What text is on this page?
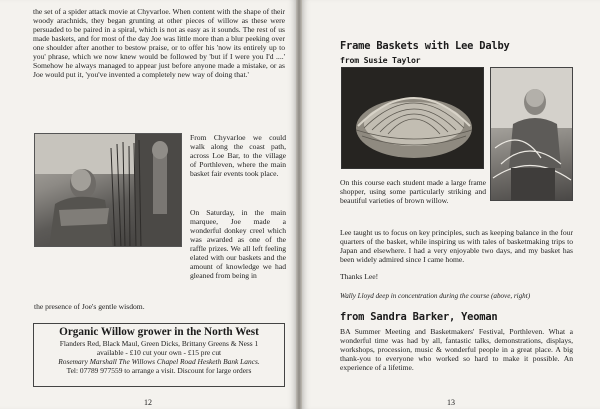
the set of a spider attack movie at Chyvarloe. When content with the shape of their woody arachnids, they began grunting at other pieces of willow as these were persuaded to be paired in a spiral, which is not as easy as it sounds. The rest of us made baskets, and for most of the day Joe was little more than a blur peeking over one shoulder after another to bestow praise, or to offer his 'now its entirely up to you' phrase, which we now knew would be followed by 'but if I were you I'd ....' Somehow he always managed to appear just before anyone made a mistake, or as Joe would put it, 'you've invented a completely new way of doing that.'

From Chyvarloe we could walk along the coast path, across Loe Bar, to the village of Porthleven, where the main basket fair events took place.

On Saturday, in the main marquee, Joe made a wonderful donkey creel which was awarded as one of the raffle prizes. We all left feeling elated with our baskets and the amount of knowledge we had gleaned from being in

the presence of Joe's gentle wisdom.

Organic Willow grower in the North West
Flanders Red, Black Maul, Green Dicks, Brittany Greens & Ness 1
available - £10 cut your own - £15 pre cut
Rosemary Marshall The Willows Chapel Road Hesketh Bank Lancs.
Tel: 07789 977559 to arrange a visit. Discount for large orders
12
Frame Baskets with Lee Dalby
from Susie Taylor

On this course each student made a large frame shopper, using some particularly striking and beautiful varieties of brown willow.

Lee taught us to focus on key principles, such as keeping balance in the four quarters of the basket, while inspiring us with tales of basketmaking trips to Japan and elsewhere. I had a very enjoyable two days, and my basket has been widely admired since I came home.

Thanks Lee!

Wally Lloyd deep in concentration during the course (above, right)

from Sandra Barker, Yeoman

BA Summer Meeting and Basketmakers' Festival, Porthleven. What a wonderful time was had by all, fantastic talks, demonstrations, displays, workshops, procession, music & wonderful people in a great place. A big thank-you to everyone who worked so hard to make it possible. An experience of a lifetime.

13
